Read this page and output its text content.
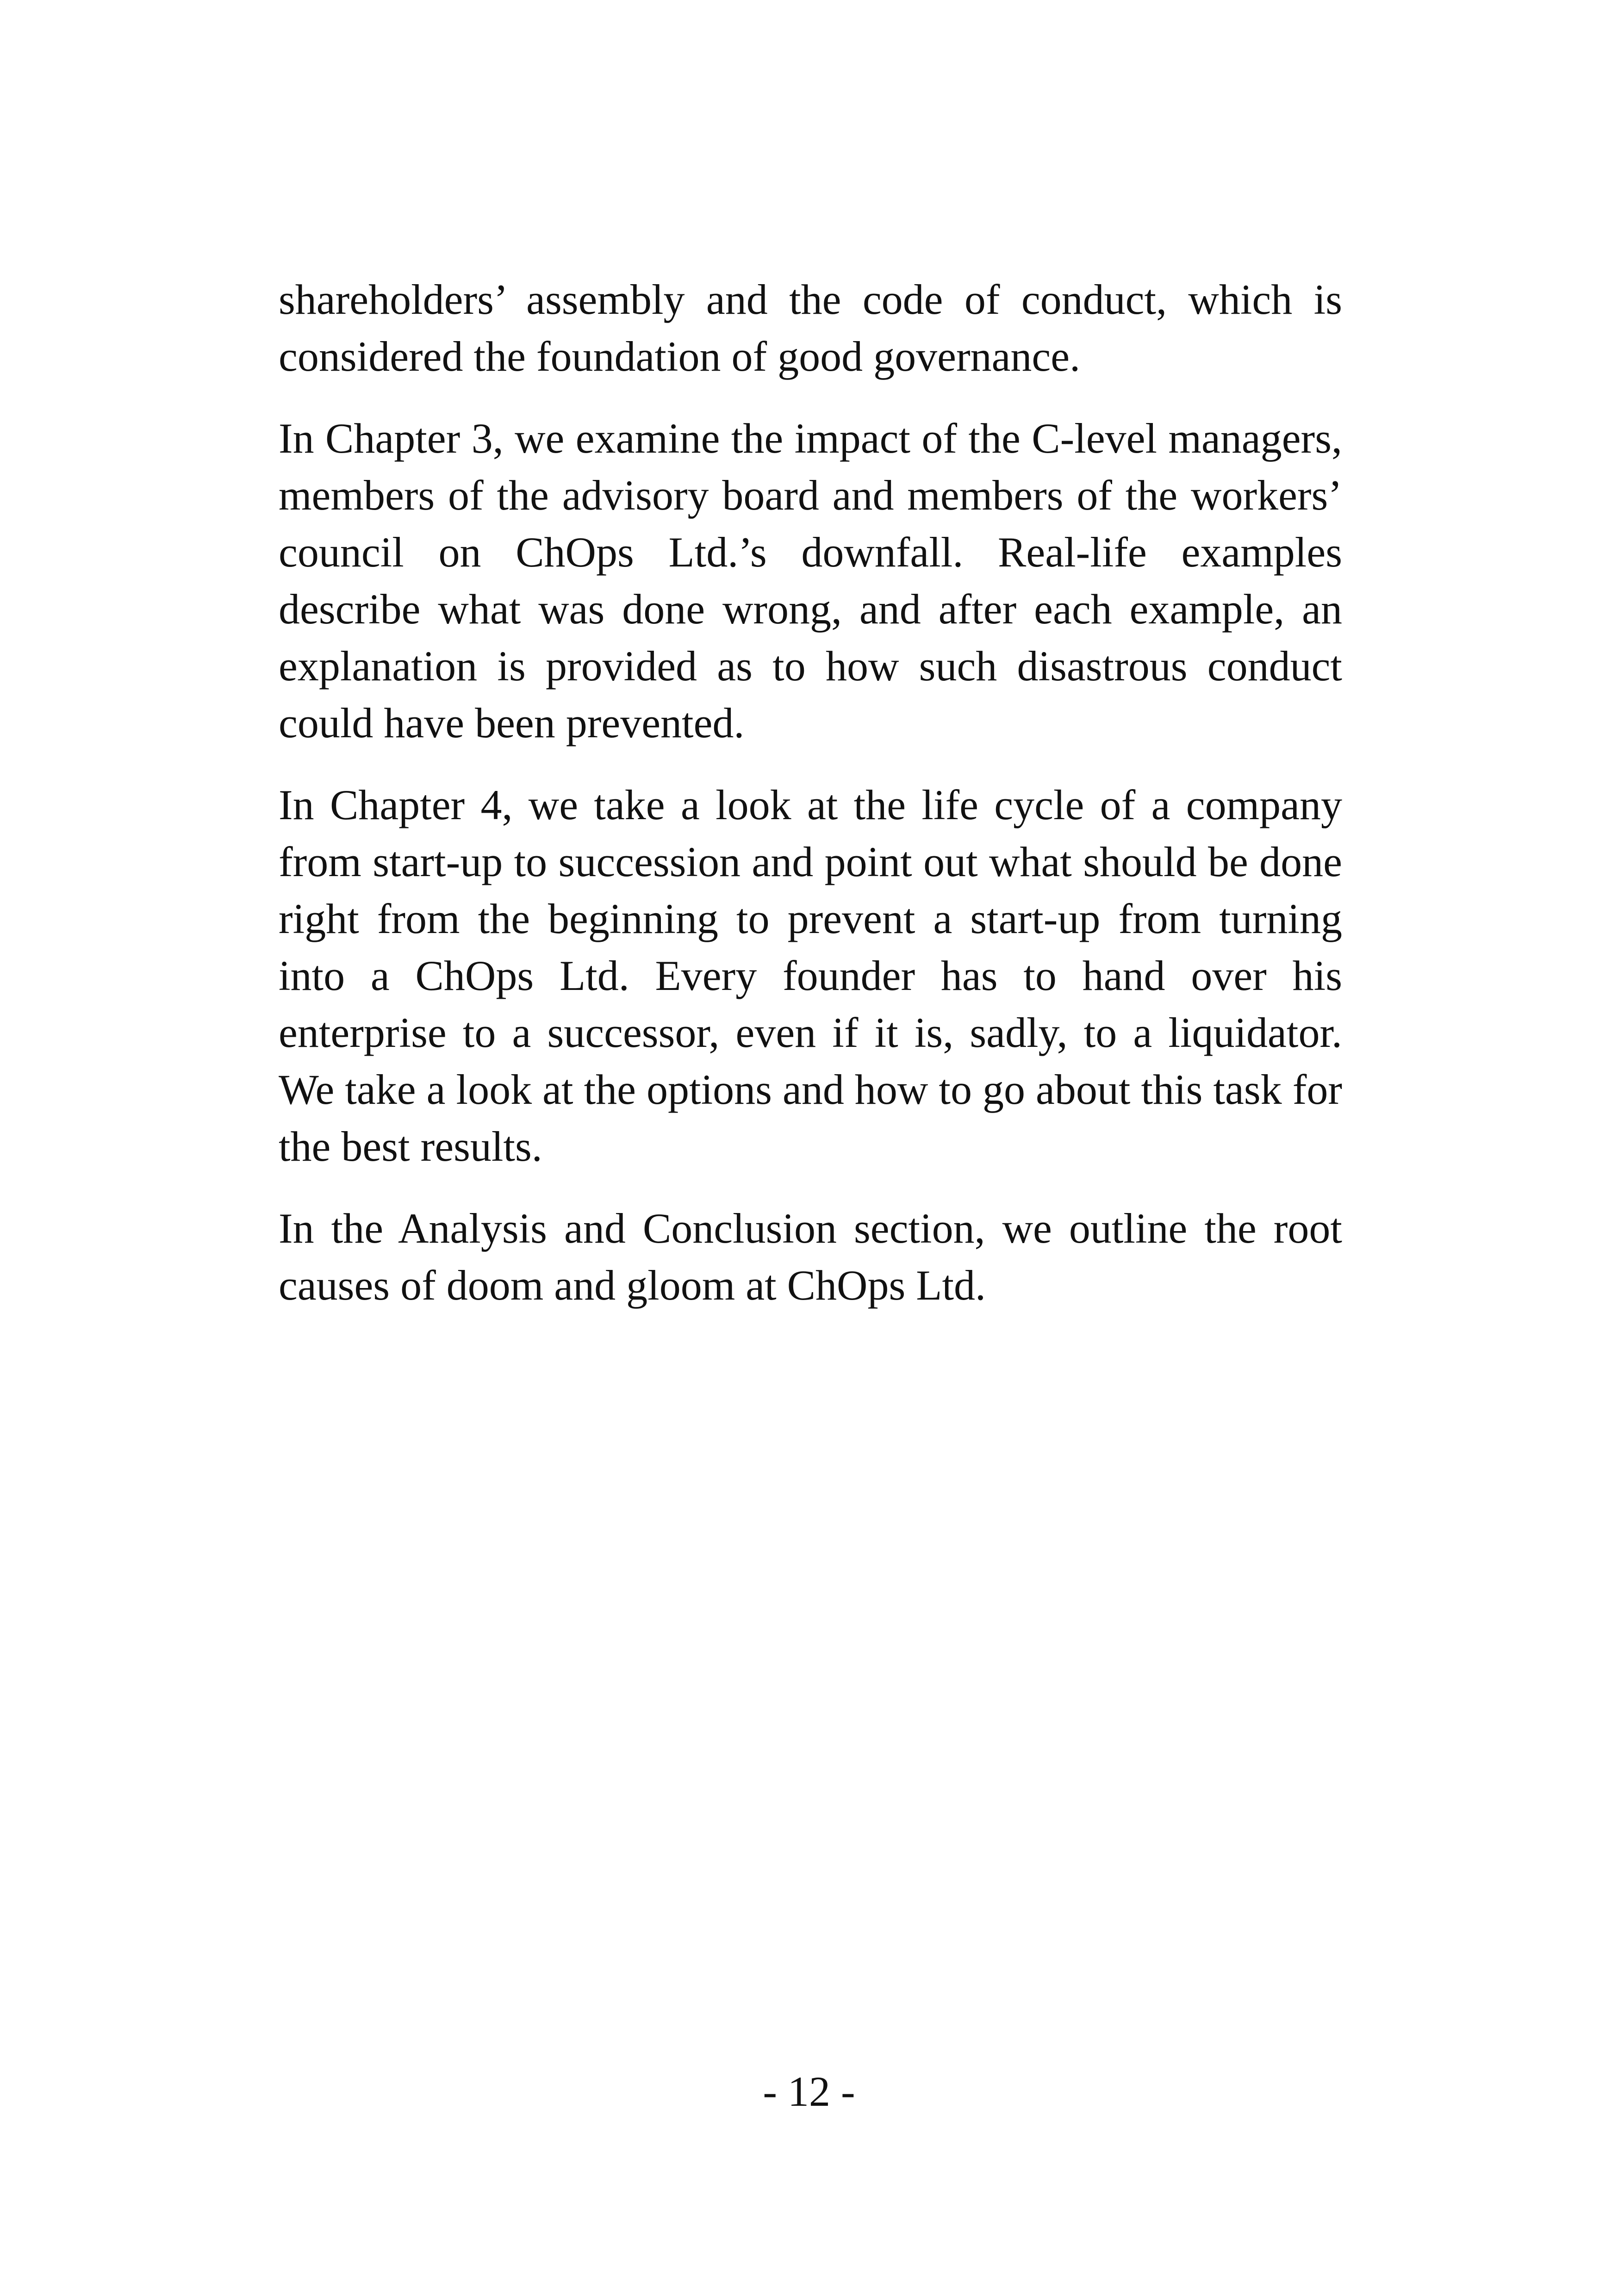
shareholders’ assembly and the code of conduct, which is considered the foundation of good governance.

In Chapter 3, we examine the impact of the C-level managers, members of the advisory board and members of the workers’ council on ChOps Ltd.’s downfall. Real-life examples describe what was done wrong, and after each example, an explanation is provided as to how such disastrous conduct could have been prevented.

In Chapter 4, we take a look at the life cycle of a company from start-up to succession and point out what should be done right from the beginning to prevent a start-up from turning into a ChOps Ltd. Every founder has to hand over his enterprise to a successor, even if it is, sadly, to a liquidator. We take a look at the options and how to go about this task for the best results.

In the Analysis and Conclusion section, we outline the root causes of doom and gloom at ChOps Ltd.

- 12 -
